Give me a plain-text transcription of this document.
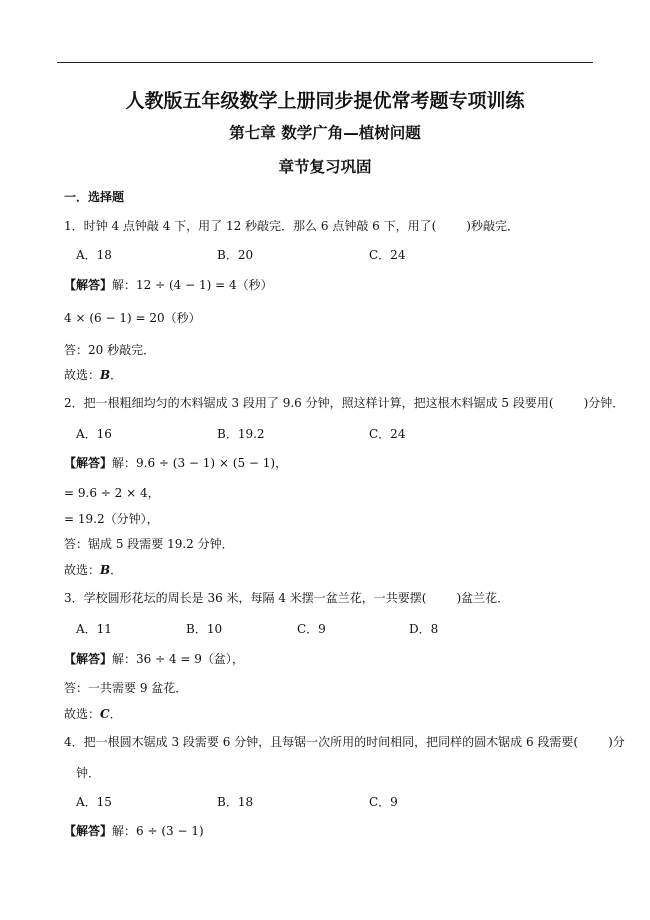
人教版五年级数学上册同步提优常考题专项训练
第七章 数学广角—植树问题
章节复习巩固
一．选择题
1．时钟 4 点钟敲 4 下，用了 12 秒敲完．那么 6 点钟敲 6 下，用了(	)秒敲完．
A．18	B．20	C．24
【解答】解：12 ÷ (4 − 1) = 4（秒）
4 × (6 − 1) = 20（秒）
答：20 秒敲完．
故选：B．
2．把一根粗细均匀的木料锯成 3 段用了 9.6 分钟，照这样计算，把这根木料锯成 5 段要用(	)分钟．
A．16	B．19.2	C．24
【解答】解：9.6 ÷ (3 − 1) × (5 − 1)，
= 9.6 ÷ 2 × 4，
= 19.2（分钟），
答：锯成 5 段需要 19.2 分钟．
故选：B．
3．学校圆形花坛的周长是 36 米，每隔 4 米摆一盆兰花，一共要摆(	)盆兰花．
A．11	B．10	C．9	D．8
【解答】解：36 ÷ 4 = 9（盆），
答：一共需要 9 盆花．
故选：C．
4．把一根圆木锯成 3 段需要 6 分钟，且每锯一次所用的时间相同，把同样的圆木锯成 6 段需要(	)分
钟．
A．15	B．18	C．9
【解答】解：6 ÷ (3 − 1)
